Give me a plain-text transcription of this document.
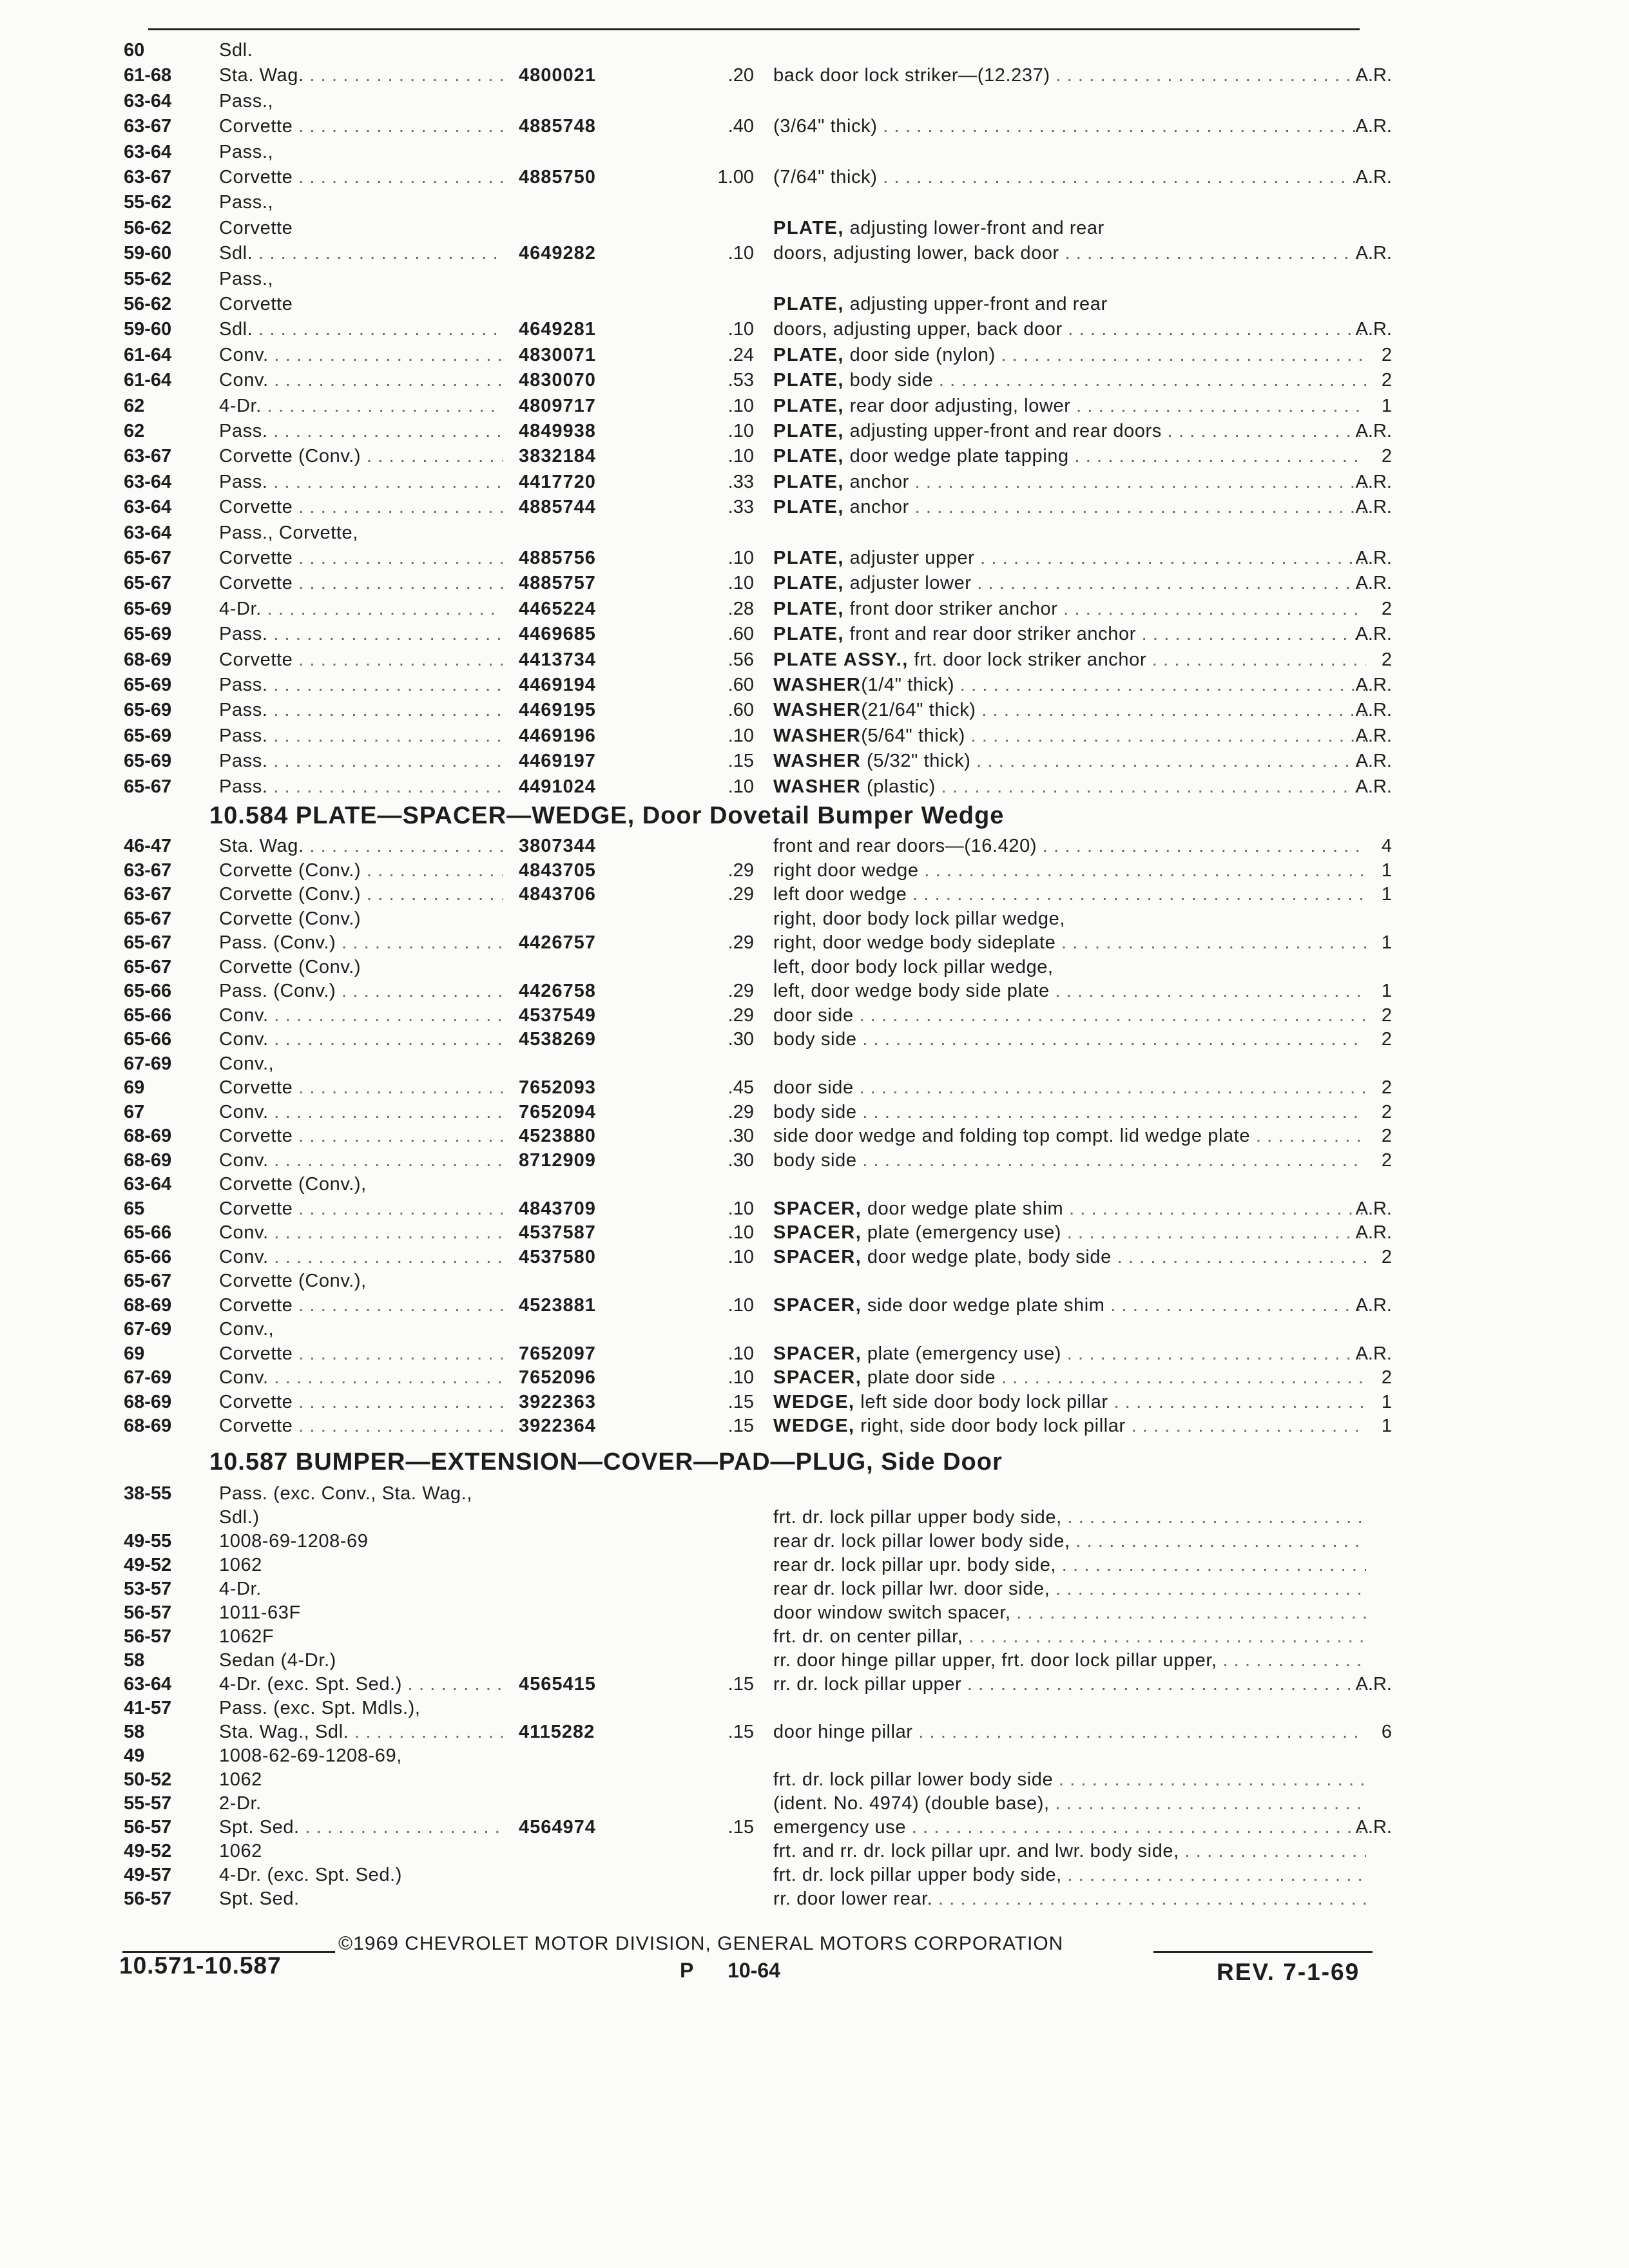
60	Sdl.
61-68	Sta. Wag. . . .	4800021	.20 back door lock striker—(12.237) . . .	A.R.
63-64	Pass.,
63-67	Corvette . . .	4885748	.40 (3/64" thick) . . .	A.R.
63-64	Pass.,
63-67	Corvette . . .	4885750	1.00 (7/64" thick) . . .	A.R.
55-62	Pass.,
56-62	Corvette	PLATE, adjusting lower-front and rear
59-60	Sdl. . . .	4649282	.10 doors, adjusting lower, back door . . .	A.R.
55-62	Pass.,
56-62	Corvette	PLATE, adjusting upper-front and rear
59-60	Sdl. . . .	4649281	.10 doors, adjusting upper, back door . . .	A.R.
61-64	Conv. . . .	4830071	.24 PLATE, door side (nylon) . . .	2
61-64	Conv. . . .	4830070	.53 PLATE, body side . . .	2
62	4-Dr. . . .	4809717	.10 PLATE, rear door adjusting, lower . . .	1
62	Pass. . . .	4849938	.10 PLATE, adjusting upper-front and rear doors . . .	A.R.
63-67	Corvette (Conv.) . . .	3832184	.10 PLATE, door wedge plate tapping . . .	2
63-64	Pass. . . .	4417720	.33 PLATE, anchor . . .	A.R.
63-64	Corvette . . .	4885744	.33 PLATE, anchor . . .	A.R.
63-64	Pass., Corvette,
65-67	Corvette . . .	4885756	.10 PLATE, adjuster upper . . .	A.R.
65-67	Corvette . . .	4885757	.10 PLATE, adjuster lower . . .	A.R.
65-69	4-Dr. . . .	4465224	.28 PLATE, front door striker anchor . . .	2
65-69	Pass. . . .	4469685	.60 PLATE, front and rear door striker anchor . . .	A.R.
68-69	Corvette . . .	4413734	.56 PLATE ASSY., frt. door lock striker anchor . . .	2
65-69	Pass. . . .	4469194	.60 WASHER(1/4" thick) . . .	A.R.
65-69	Pass. . . .	4469195	.60 WASHER(21/64" thick) . . .	A.R.
65-69	Pass. . . .	4469196	.10 WASHER(5/64" thick) . . .	A.R.
65-69	Pass. . . .	4469197	.15 WASHER (5/32" thick) . . .	A.R.
65-67	Pass. . . .	4491024	.10 WASHER (plastic) . . .	A.R.
10.584 PLATE—SPACER—WEDGE, Door Dovetail Bumper Wedge
46-47	Sta. Wag. . . .	3807344	front and rear doors—(16.420) . . .	4
63-67	Corvette (Conv.) . . .	4843705	.29 right door wedge . . .	1
63-67	Corvette (Conv.) . . .	4843706	.29 left door wedge . . .	1
65-67	Corvette (Conv.)	right, door body lock pillar wedge,
65-67	Pass. (Conv.) . . .	4426757	.29 right, door wedge body sideplate . . .	1
65-67	Corvette (Conv.)	left, door body lock pillar wedge,
65-66	Pass. (Conv.) . . .	4426758	.29 left, door wedge body side plate . . .	1
65-66	Conv. . . .	4537549	.29 door side . . .	2
65-66	Conv. . . .	4538269	.30 body side . . .	2
67-69	Conv.,
69	Corvette . . .	7652093	.45 door side . . .	2
67	Conv. . . .	7652094	.29 body side . . .	2
68-69	Corvette . . .	4523880	.30 side door wedge and folding top compt. lid wedge plate . . .	2
68-69	Conv. . . .	8712909	.30 body side . . .	2
63-64	Corvette (Conv.),
65	Corvette . . .	4843709	.10 SPACER, door wedge plate shim . . .	A.R.
65-66	Conv. . . .	4537587	.10 SPACER, plate (emergency use) . . .	A.R.
65-66	Conv. . . .	4537580	.10 SPACER, door wedge plate, body side . . .	2
65-67	Corvette (Conv.),
68-69	Corvette . . .	4523881	.10 SPACER, side door wedge plate shim . . .	A.R.
67-69	Conv.,
69	Corvette . . .	7652097	.10 SPACER, plate (emergency use) . . .	A.R.
67-69	Conv. . . .	7652096	.10 SPACER, plate door side . . .	2
68-69	Corvette . . .	3922363	.15 WEDGE, left side door body lock pillar . . .	1
68-69	Corvette . . .	3922364	.15 WEDGE, right, side door body lock pillar . . .	1
10.587 BUMPER—EXTENSION—COVER—PAD—PLUG, Side Door
38-55	Pass. (exc. Conv., Sta. Wag.,
Sdl.)	frt. dr. lock pillar upper body side, . . .
49-55	1008-69-1208-69	rear dr. lock pillar lower body side, . . .
49-52	1062	rear dr. lock pillar upr. body side, . . .
53-57	4-Dr.	rear dr. lock pillar lwr. door side, . . .
56-57	1011-63F	door window switch spacer, . . .
56-57	1062F	frt. dr. on center pillar, . . .
58	Sedan (4-Dr.)	rr. door hinge pillar upper, frt. door lock pillar upper, . . .
63-64	4-Dr. (exc. Spt. Sed.) . . .	4565415	.15 rr. dr. lock pillar upper . . .	A.R.
41-57	Pass. (exc. Spt. Mdls.),
58	Sta. Wag., Sdl. . . .	4115282	.15 door hinge pillar . . .	6
49	1008-62-69-1208-69,
50-52	1062	frt. dr. lock pillar lower body side . . .
55-57	2-Dr.	(ident. No. 4974) (double base), . . .
56-57	Spt. Sed. . . .	4564974	.15 emergency use . . .	A.R.
49-52	1062	frt. and rr. dr. lock pillar upr. and lwr. body side, . . .
49-57	4-Dr. (exc. Spt. Sed.)	frt. dr. lock pillar upper body side, . . .
56-57	Spt. Sed.	rr. door lower rear. . . .
©1969 CHEVROLET MOTOR DIVISION, GENERAL MOTORS CORPORATION
10.571-10.587	P      10-64	REV. 7-1-69
